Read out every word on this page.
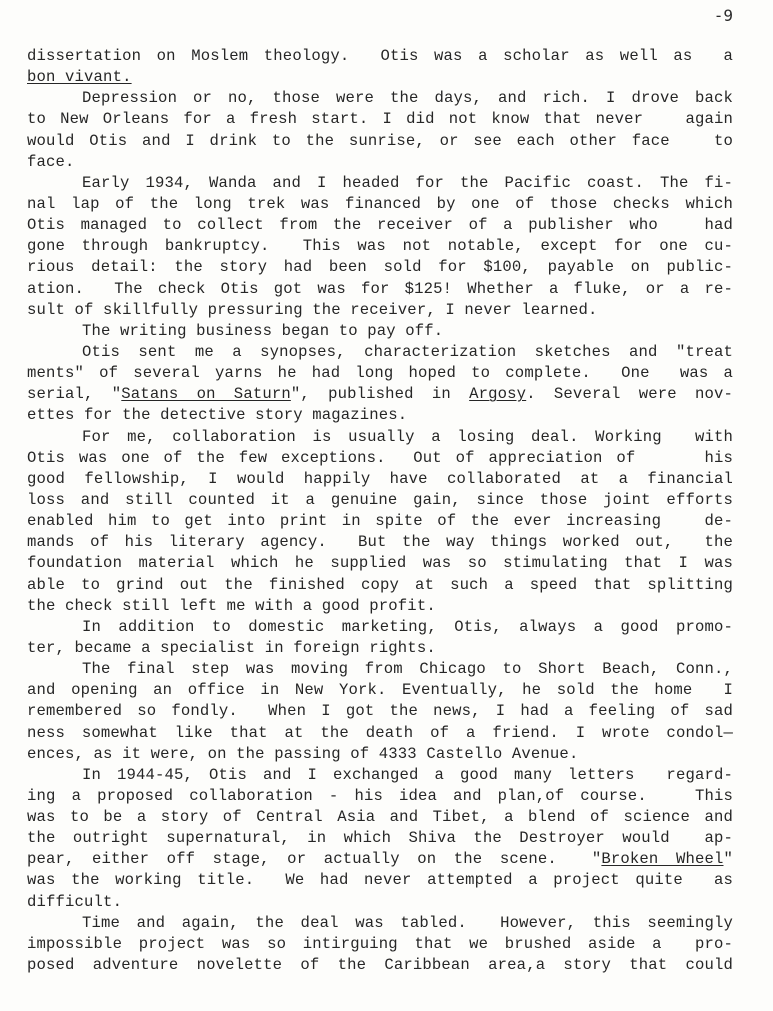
-9
dissertation on Moslem theology.  Otis was a scholar as well as  a
bon vivant.
Depression or no, those were the days, and rich. I drove back
to New Orleans for a fresh start. I did not know that never   again
would Otis and I drink to the sunrise, or see each other face   to
face.
Early 1934, Wanda and I headed for the Pacific coast. The fi-
nal lap of the long trek was financed by one of those checks which
Otis managed to collect from the receiver of a publisher who   had
gone through bankruptcy.  This was not notable, except for one cu-
rious detail: the story had been sold for $100, payable on public-
ation.  The check Otis got was for $125! Whether a fluke, or a re-
sult of skillfully pressuring the receiver, I never learned.
The writing business began to pay off.
Otis sent me a synopses, characterization sketches and "treat
ments" of several yarns he had long hoped to complete.  One  was a
serial, "Satans on Saturn", published in Argosy. Several were nov-
ettes for the detective story magazines.
For me, collaboration is usually a losing deal. Working  with
Otis was one of the few exceptions.  Out of appreciation of     his
good fellowship, I would happily have collaborated at a financial
loss and still counted it a genuine gain, since those joint efforts
enabled him to get into print in spite of the ever increasing   de-
mands of his literary agency.  But the way things worked out,  the
foundation material which he supplied was so stimulating that I was
able to grind out the finished copy at such a speed that splitting
the check still left me with a good profit.
In addition to domestic marketing, Otis, always a good promo-
ter, became a specialist in foreign rights.
The final step was moving from Chicago to Short Beach, Conn.,
and opening an office in New York. Eventually, he sold the home  I
remembered so fondly.  When I got the news, I had a feeling of sad
ness somewhat like that at the death of a friend. I wrote condol—
ences, as it were, on the passing of 4333 Castello Avenue.
In 1944-45, Otis and I exchanged a good many letters  regard-
ing a proposed collaboration - his idea and plan,of course.   This
was to be a story of Central Asia and Tibet, a blend of science and
the outright supernatural, in which Shiva the Destroyer would  ap-
pear, either off stage, or actually on the scene.  "Broken Wheel"
was the working title.  We had never attempted a project quite  as
difficult.
Time and again, the deal was tabled.  However, this seemingly
impossible project was so intirguing that we brushed aside a  pro-
posed adventure novelette of the Caribbean area,a story that could
